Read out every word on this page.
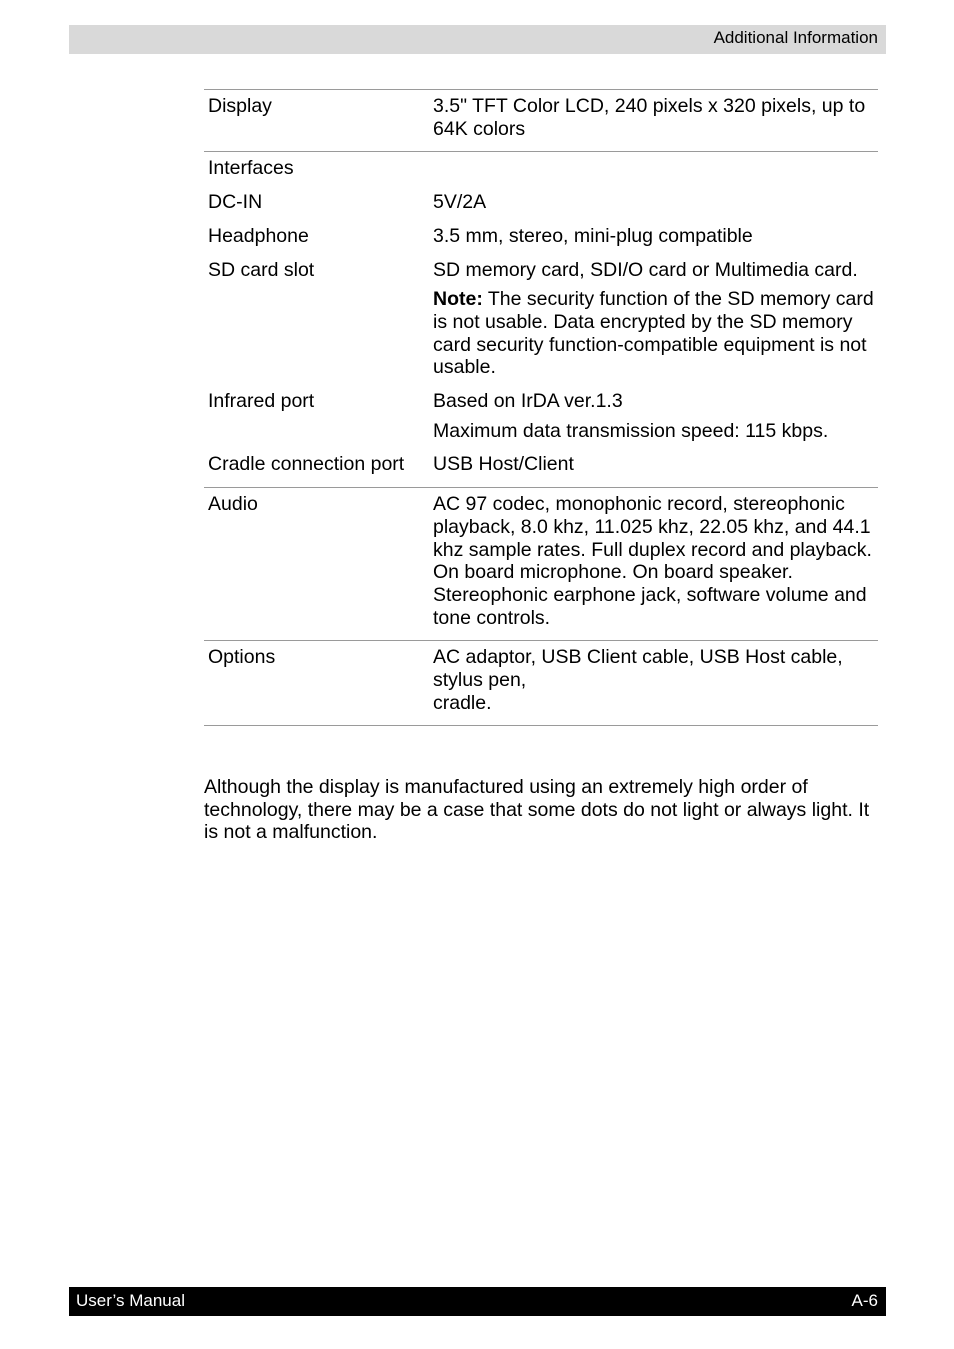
Additional Information
Display	3.5" TFT Color LCD, 240 pixels x 320 pixels, up to 64K colors
Interfaces	
DC-IN	5V/2A
Headphone	3.5 mm, stereo, mini-plug compatible
SD card slot	SD memory card, SDI/O card or Multimedia card.

Note: The security function of the SD memory card is not usable. Data encrypted by the SD memory card security function-compatible equipment is not usable.

Infrared port	Based on IrDA ver.1.3

Maximum data transmission speed: 115 kbps.

Cradle connection port	USB Host/Client
Audio	AC 97 codec, monophonic record, stereophonic playback, 8.0 khz, 11.025 khz, 22.05 khz, and 44.1 khz sample rates. Full duplex record and playback. On board microphone. On board speaker. Stereophonic earphone jack, software volume and tone controls.
Options	AC adaptor, USB Client cable, USB Host cable, stylus pen,
cradle.

Although the display is manufactured using an extremely high order of technology, there may be a case that some dots do not light or always light. It is not a malfunction.

User’s Manual	A-6
